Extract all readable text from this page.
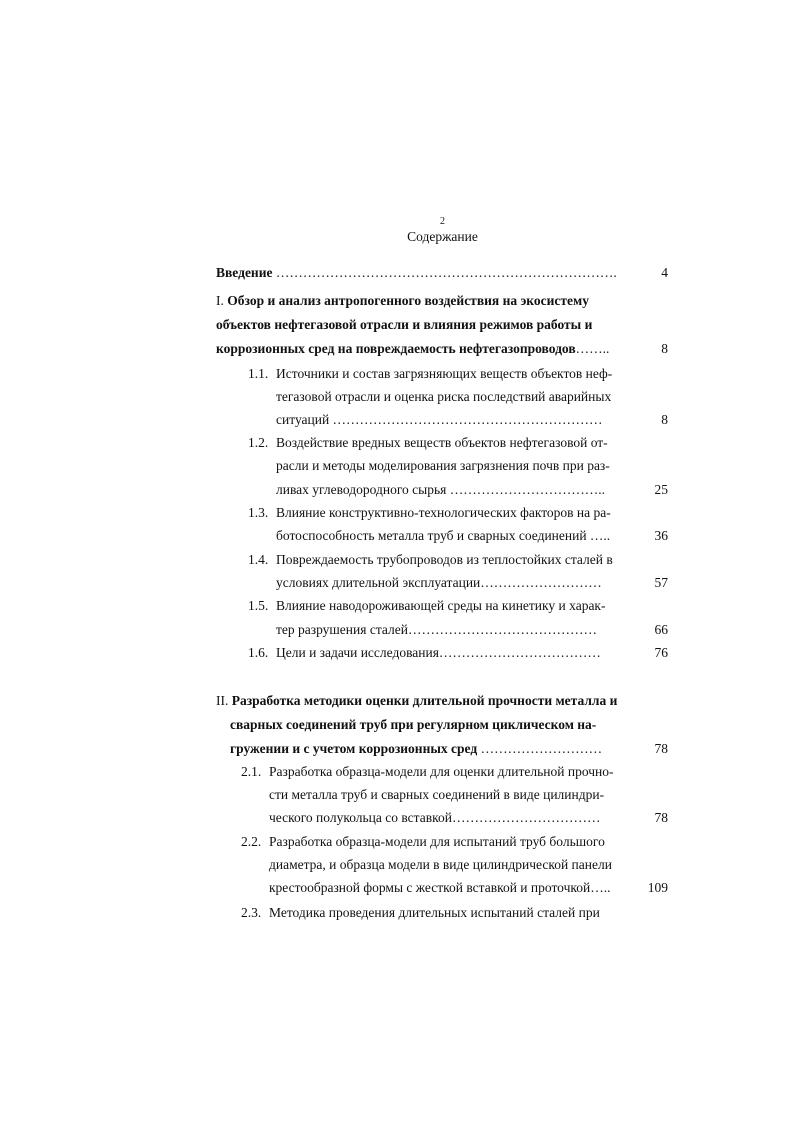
2
Содержание
Введение ………………………………………………………………….	4
I. Обзор и анализ антропогенного воздействия на экосистему
объектов нефтегазовой отрасли и влияния режимов работы и
коррозионных сред на повреждаемость нефтегазопроводов……..	8
1.1. Источники и состав загрязняющих веществ объектов неф-
тегазовой отрасли и оценка риска последствий аварийных
ситуаций ……………………………………………………	8
1.2. Воздействие вредных веществ объектов нефтегазовой от-
расли и методы моделирования загрязнения почв при раз-
ливах углеводородного сырья ……………………………..	25
1.3. Влияние конструктивно-технологических факторов на ра-
ботоспособность металла труб и сварных соединений …..	36
1.4. Повреждаемость трубопроводов из теплостойких сталей в
условиях длительной эксплуатации………………………	57
1.5. Влияние наводороживающей среды на кинетику и харак-
тер разрушения сталей……………………………………	66
1.6. Цели и задачи исследования………………………………	76
II. Разработка методики оценки длительной прочности металла и
сварных соединений труб при регулярном циклическом на-
гружении и с учетом коррозионных сред ………………………	78
2.1. Разработка образца-модели для оценки длительной прочно-
сти металла труб и сварных соединений в виде цилиндри-
ческого полукольца со вставкой……………………………	78
2.2. Разработка образца-модели для испытаний труб большого
диаметра, и образца модели в виде цилиндрической панели
крестообразной формы с жесткой вставкой и проточкой…..	109
2.3. Методика проведения длительных испытаний сталей при
